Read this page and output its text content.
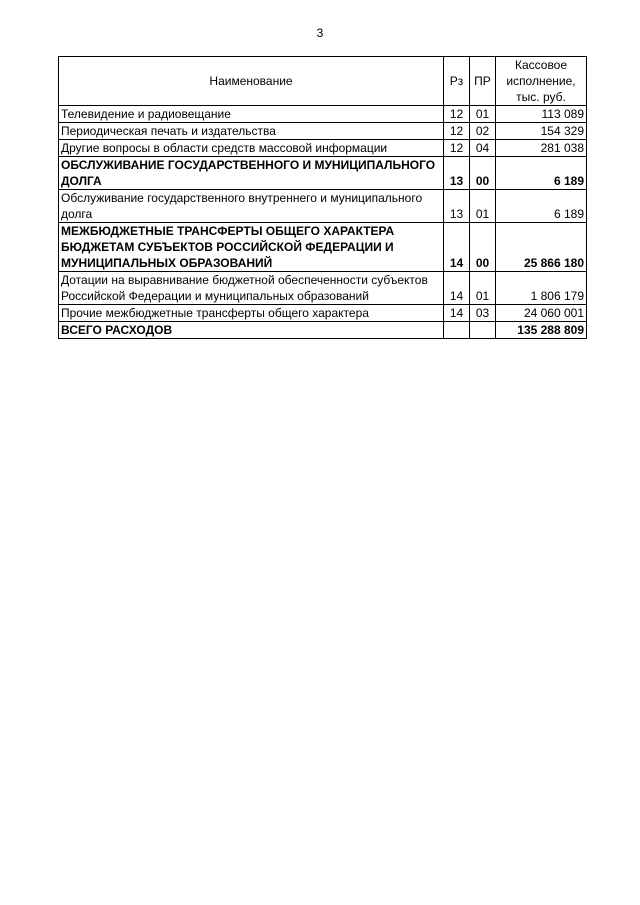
3
Наименование	Рз	ПР	Кассовое исполнение, тыс. руб.
Телевидение и радиовещание	12	01	113 089
Периодическая печать и издательства	12	02	154 329
Другие вопросы в области средств массовой информации	12	04	281 038
ОБСЛУЖИВАНИЕ ГОСУДАРСТВЕННОГО И МУНИЦИПАЛЬНОГО ДОЛГА	13	00	6 189
Обслуживание государственного внутреннего и муниципального долга	13	01	6 189
МЕЖБЮДЖЕТНЫЕ ТРАНСФЕРТЫ ОБЩЕГО ХАРАКТЕРА БЮДЖЕТАМ СУБЪЕКТОВ РОССИЙСКОЙ ФЕДЕРАЦИИ И МУНИЦИПАЛЬНЫХ ОБРАЗОВАНИЙ	14	00	25 866 180
Дотации на выравнивание бюджетной обеспеченности субъектов Российской Федерации и муниципальных образований	14	01	1 806 179
Прочие межбюджетные трансферты общего характера	14	03	24 060 001
ВСЕГО РАСХОДОВ			135 288 809
